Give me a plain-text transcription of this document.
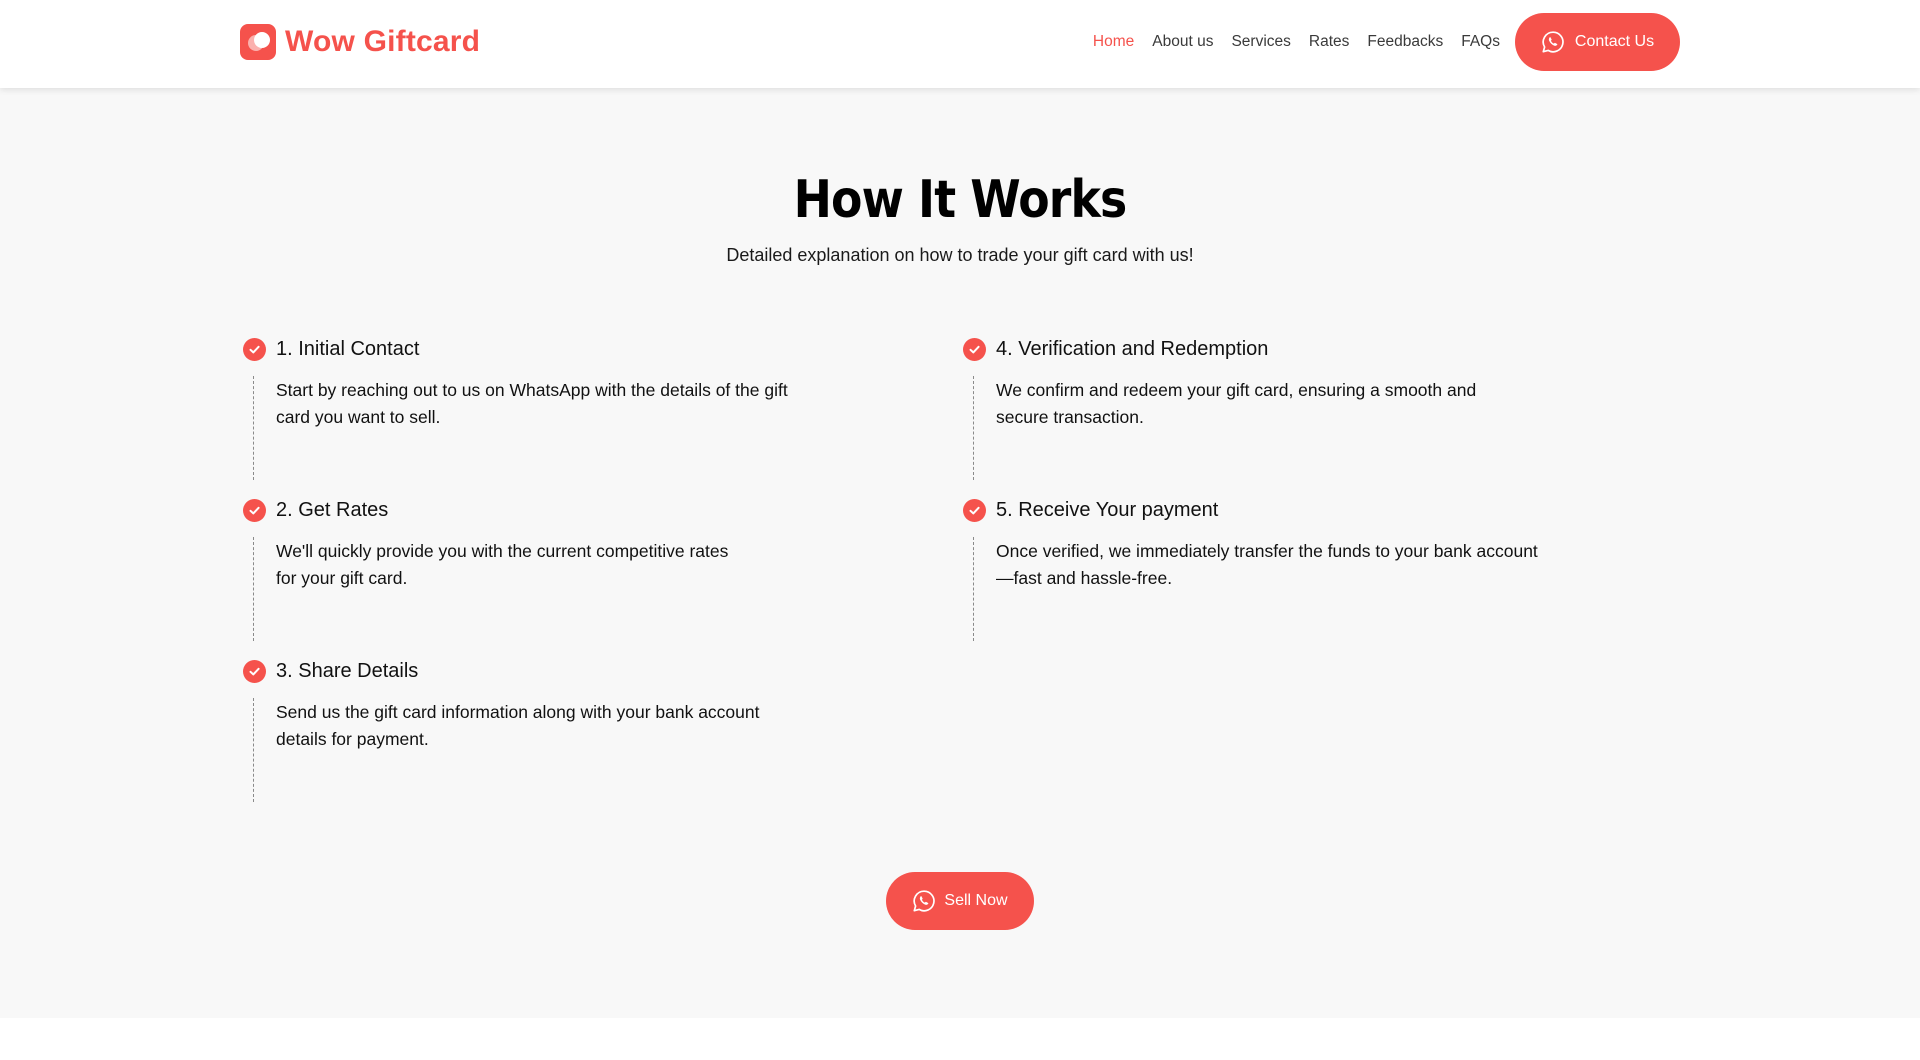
Wow Giftcard	Home About us Services Rates Feedbacks FAQs	Contact Us
How It Works

Detailed explanation on how to trade your gift card with us!

1. Initial Contact
Start by reaching out to us on WhatsApp with the details of the gift
card you want to sell.
2. Get Rates
We'll quickly provide you with the current competitive rates
for your gift card.
3. Share Details
Send us the gift card information along with your bank account
details for payment.
4. Verification and Redemption
We confirm and redeem your gift card, ensuring a smooth and
secure transaction.
5. Receive Your payment
Once verified, we immediately transfer the funds to your bank account
—fast and hassle-free.
Sell Now
